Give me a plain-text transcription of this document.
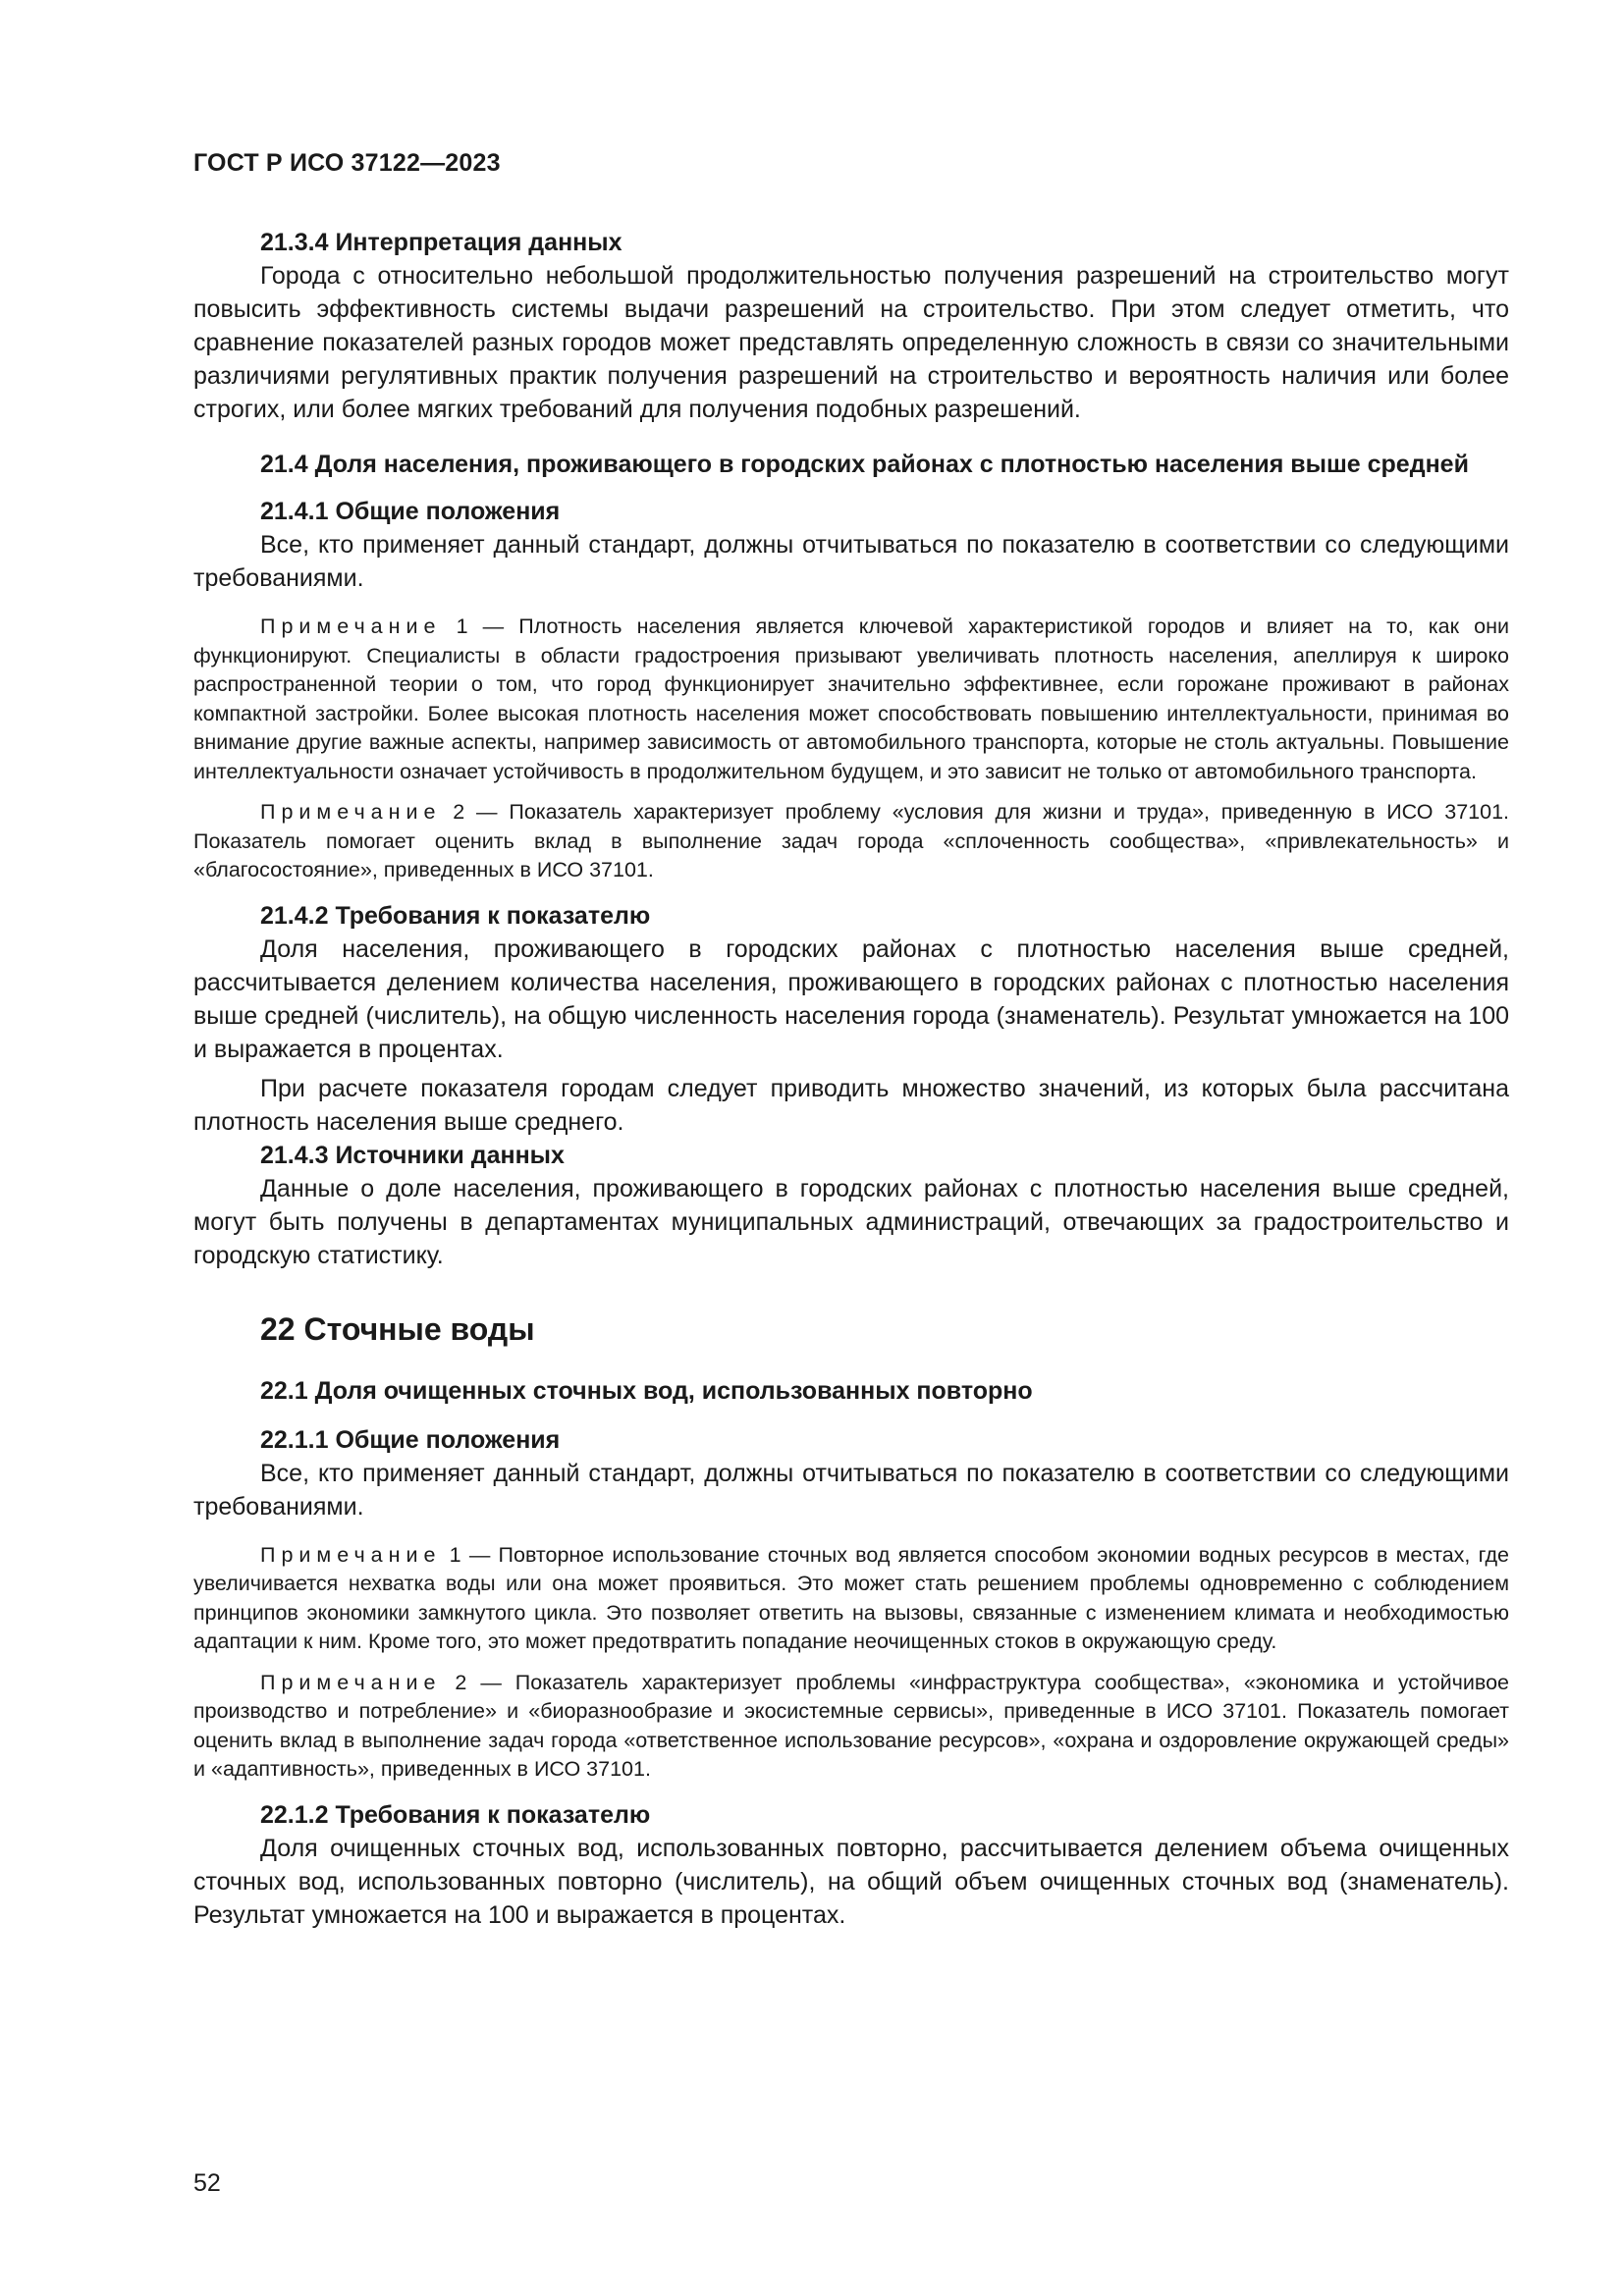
ГОСТ Р ИСО 37122—2023
21.3.4 Интерпретация данных

Города с относительно небольшой продолжительностью получения разрешений на строительство могут повысить эффективность системы выдачи разрешений на строительство. При этом следует отметить, что сравнение показателей разных городов может представлять определенную сложность в связи со значительными различиями регулятивных практик получения разрешений на строительство и вероятность наличия или более строгих, или более мягких требований для получения подобных разрешений.

21.4 Доля населения, проживающего в городских районах с плотностью населения выше средней
21.4.1 Общие положения

Все, кто применяет данный стандарт, должны отчитываться по показателю в соответствии со следующими требованиями.

Примечание 1 — Плотность населения является ключевой характеристикой городов и влияет на то, как они функционируют. Специалисты в области градостроения призывают увеличивать плотность населения, апеллируя к широко распространенной теории о том, что город функционирует значительно эффективнее, если горожане проживают в районах компактной застройки. Более высокая плотность населения может способствовать повышению интеллектуальности, принимая во внимание другие важные аспекты, например зависимость от автомобильного транспорта, которые не столь актуальны. Повышение интеллектуальности означает устойчивость в продолжительном будущем, и это зависит не только от автомобильного транспорта.

Примечание 2 — Показатель характеризует проблему «условия для жизни и труда», приведенную в ИСО 37101. Показатель помогает оценить вклад в выполнение задач города «сплоченность сообщества», «привлекательность» и «благосостояние», приведенных в ИСО 37101.

21.4.2 Требования к показателю

Доля населения, проживающего в городских районах с плотностью населения выше средней, рассчитывается делением количества населения, проживающего в городских районах с плотностью населения выше средней (числитель), на общую численность населения города (знаменатель). Результат умножается на 100 и выражается в процентах.

При расчете показателя городам следует приводить множество значений, из которых была рассчитана плотность населения выше среднего.

21.4.3 Источники данных

Данные о доле населения, проживающего в городских районах с плотностью населения выше средней, могут быть получены в департаментах муниципальных администраций, отвечающих за градостроительство и городскую статистику.

22 Сточные воды
22.1 Доля очищенных сточных вод, использованных повторно
22.1.1 Общие положения

Все, кто применяет данный стандарт, должны отчитываться по показателю в соответствии со следующими требованиями.

Примечание 1 — Повторное использование сточных вод является способом экономии водных ресурсов в местах, где увеличивается нехватка воды или она может проявиться. Это может стать решением проблемы одновременно с соблюдением принципов экономики замкнутого цикла. Это позволяет ответить на вызовы, связанные с изменением климата и необходимостью адаптации к ним. Кроме того, это может предотвратить попадание неочищенных стоков в окружающую среду.

Примечание 2 — Показатель характеризует проблемы «инфраструктура сообщества», «экономика и устойчивое производство и потребление» и «биоразнообразие и экосистемные сервисы», приведенные в ИСО 37101. Показатель помогает оценить вклад в выполнение задач города «ответственное использование ресурсов», «охрана и оздоровление окружающей среды» и «адаптивность», приведенных в ИСО 37101.

22.1.2 Требования к показателю

Доля очищенных сточных вод, использованных повторно, рассчитывается делением объема очищенных сточных вод, использованных повторно (числитель), на общий объем очищенных сточных вод (знаменатель). Результат умножается на 100 и выражается в процентах.

52
